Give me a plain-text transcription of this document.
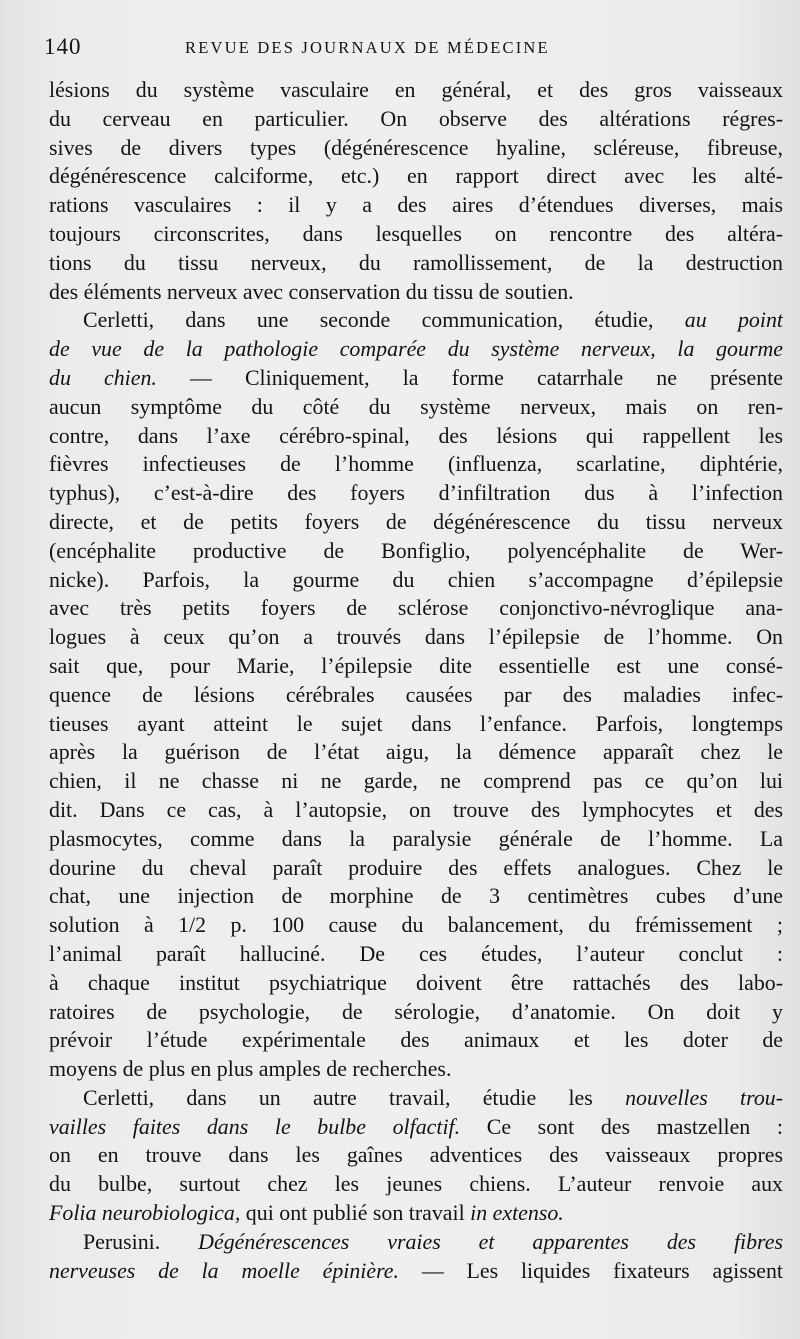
140	REVUE DES JOURNAUX DE MÉDECINE
lésions du système vasculaire en général, et des gros vaisseaux
du cerveau en particulier. On observe des altérations régres-
sives de divers types (dégénérescence hyaline, scléreuse, fibreuse,
dégénérescence calciforme, etc.) en rapport direct avec les alté-
rations vasculaires : il y a des aires d’étendues diverses, mais
toujours circonscrites, dans lesquelles on rencontre des altéra-
tions du tissu nerveux, du ramollissement, de la destruction
des éléments nerveux avec conservation du tissu de soutien.
Cerletti, dans une seconde communication, étudie, au point
de vue de la pathologie comparée du système nerveux, la gourme
du chien. — Cliniquement, la forme catarrhale ne présente
aucun symptôme du côté du système nerveux, mais on ren-
contre, dans l’axe cérébro-spinal, des lésions qui rappellent les
fièvres infectieuses de l’homme (influenza, scarlatine, diphtérie,
typhus), c’est-à-dire des foyers d’infiltration dus à l’infection
directe, et de petits foyers de dégénérescence du tissu nerveux
(encéphalite productive de Bonfiglio, polyencéphalite de Wer-
nicke). Parfois, la gourme du chien s’accompagne d’épilepsie
avec très petits foyers de sclérose conjonctivo-névroglique ana-
logues à ceux qu’on a trouvés dans l’épilepsie de l’homme. On
sait que, pour Marie, l’épilepsie dite essentielle est une consé-
quence de lésions cérébrales causées par des maladies infec-
tieuses ayant atteint le sujet dans l’enfance. Parfois, longtemps
après la guérison de l’état aigu, la démence apparaît chez le
chien, il ne chasse ni ne garde, ne comprend pas ce qu’on lui
dit. Dans ce cas, à l’autopsie, on trouve des lymphocytes et des
plasmocytes, comme dans la paralysie générale de l’homme. La
dourine du cheval paraît produire des effets analogues. Chez le
chat, une injection de morphine de 3 centimètres cubes d’une
solution à 1/2 p. 100 cause du balancement, du frémissement ;
l’animal paraît halluciné. De ces études, l’auteur conclut :
à chaque institut psychiatrique doivent être rattachés des labo-
ratoires de psychologie, de sérologie, d’anatomie. On doit y
prévoir l’étude expérimentale des animaux et les doter de
moyens de plus en plus amples de recherches.
Cerletti, dans un autre travail, étudie les nouvelles trou-
vailles faites dans le bulbe olfactif. Ce sont des mastzellen :
on en trouve dans les gaînes adventices des vaisseaux propres
du bulbe, surtout chez les jeunes chiens. L’auteur renvoie aux
Folia neurobiologica, qui ont publié son travail in extenso.
Perusini. Dégénérescences vraies et apparentes des fibres
nerveuses de la moelle épinière. — Les liquides fixateurs agissent
